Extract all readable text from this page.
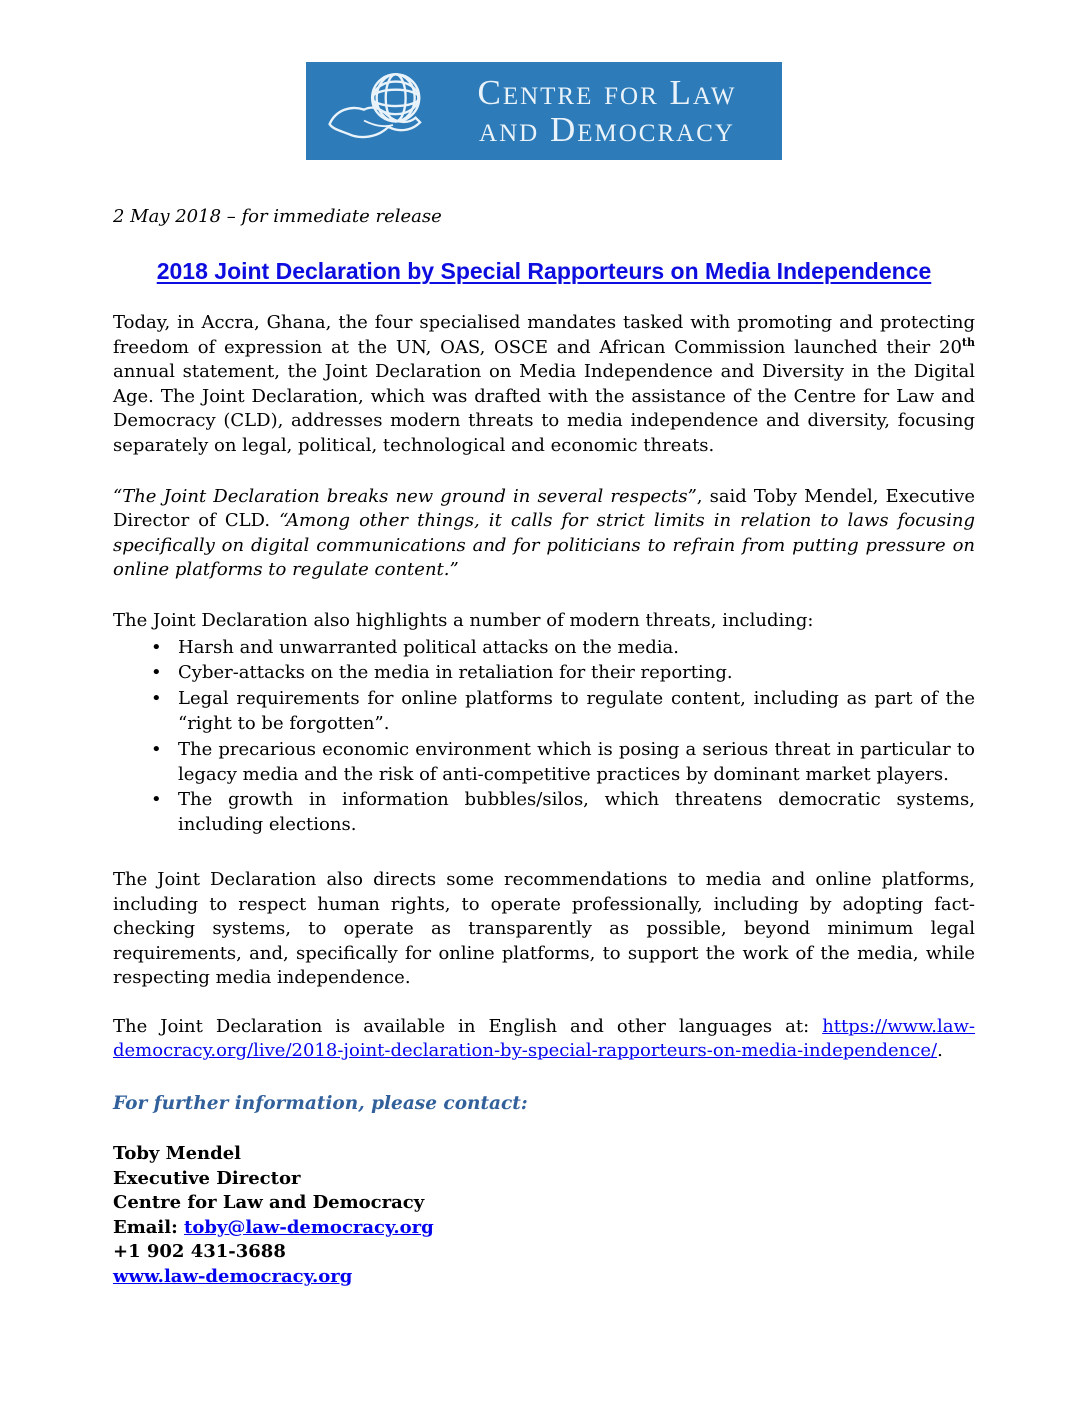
Centre for Law
and Democracy

2 May 2018 – for immediate release

2018 Joint Declaration by Special Rapporteurs on Media Independence

Today, in Accra, Ghana, the four specialised mandates tasked with promoting and protecting freedom of expression at the UN, OAS, OSCE and African Commission launched their 20th annual statement, the Joint Declaration on Media Independence and Diversity in the Digital Age. The Joint Declaration, which was drafted with the assistance of the Centre for Law and Democracy (CLD), addresses modern threats to media independence and diversity, focusing separately on legal, political, technological and economic threats.

“The Joint Declaration breaks new ground in several respects”, said Toby Mendel, Executive Director of CLD. “Among other things, it calls for strict limits in relation to laws focusing specifically on digital communications and for politicians to refrain from putting pressure on online platforms to regulate content.”

The Joint Declaration also highlights a number of modern threats, including:

• Harsh and unwarranted political attacks on the media.
• Cyber-attacks on the media in retaliation for their reporting.
• Legal requirements for online platforms to regulate content, including as part of the “right to be forgotten”.
• The precarious economic environment which is posing a serious threat in particular to legacy media and the risk of anti-competitive practices by dominant market players.
• The growth in information bubbles/silos, which threatens democratic systems, including elections.

The Joint Declaration also directs some recommendations to media and online platforms, including to respect human rights, to operate professionally, including by adopting fact-checking systems, to operate as transparently as possible, beyond minimum legal requirements, and, specifically for online platforms, to support the work of the media, while respecting media independence.

The Joint Declaration is available in English and other languages at: https://www.law-democracy.org/live/2018-joint-declaration-by-special-rapporteurs-on-media-independence/.

For further information, please contact:

Toby Mendel

Executive Director

Centre for Law and Democracy

Email: toby@law-democracy.org

+1 902 431-3688

www.law-democracy.org
